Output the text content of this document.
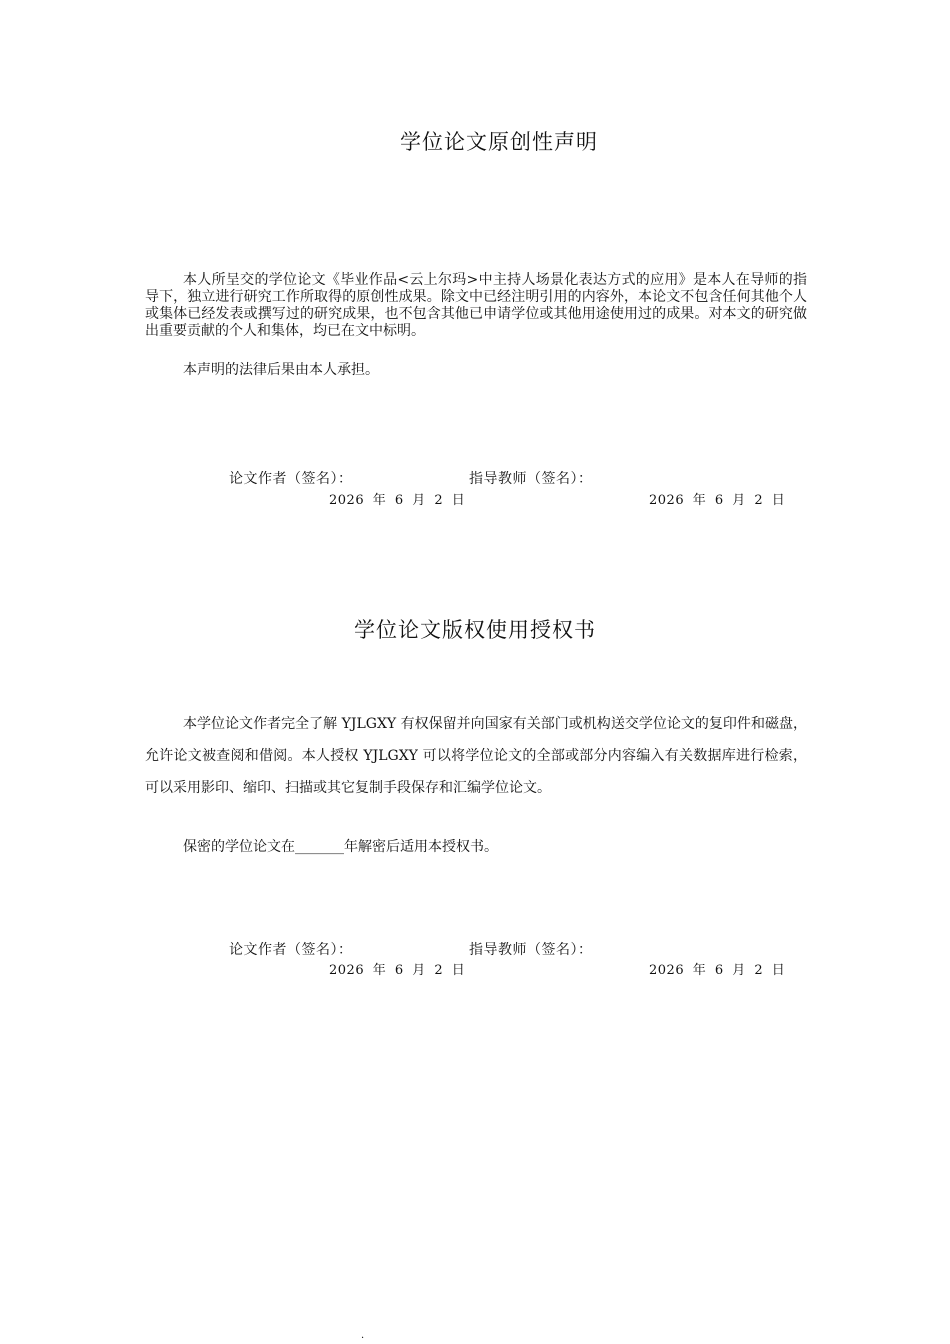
学位论文原创性声明

本人所呈交的学位论文《毕业作品<云上尔玛>中主持人场景化表达方式的应用》是本人在导师的指导下，独立进行研究工作所取得的原创性成果。除文中已经注明引用的内容外，本论文不包含任何其他个人或集体已经发表或撰写过的研究成果，也不包含其他已申请学位或其他用途使用过的成果。对本文的研究做出重要贡献的个人和集体，均已在文中标明。

本声明的法律后果由本人承担。

论文作者（签名）：	指导教师（签名）：
2026 年 6 月 2 日	2026 年 6 月 2 日
学位论文版权使用授权书

本学位论文作者完全了解 YJLGXY 有权保留并向国家有关部门或机构送交学位论文的复印件和磁盘，允许论文被查阅和借阅。本人授权 YJLGXY 可以将学位论文的全部或部分内容编入有关数据库进行检索，可以采用影印、缩印、扫描或其它复制手段保存和汇编学位论文。

保密的学位论文在_______年解密后适用本授权书。

论文作者（签名）：	指导教师（签名）：
2026 年 6 月 2 日	2026 年 6 月 2 日
·
